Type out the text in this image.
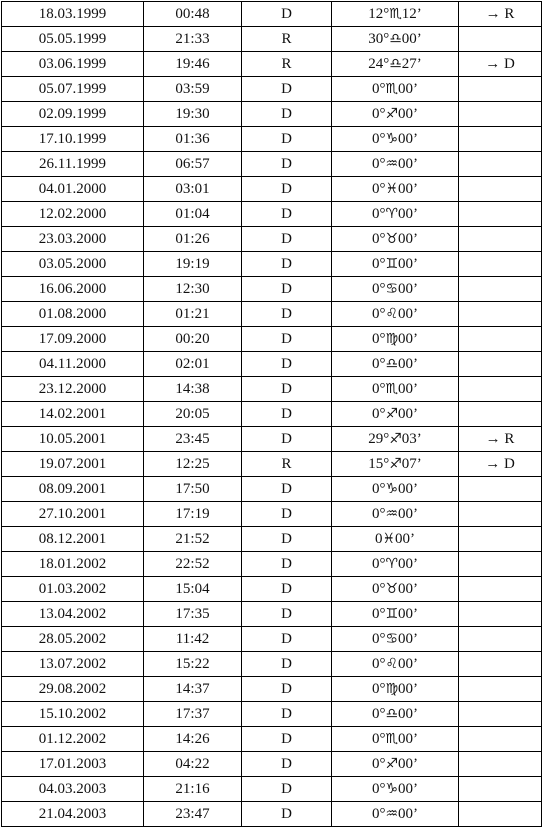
18.03.1999	00:48	D	12°♏12’	→ R
05.05.1999	21:33	R	30°♎00’	
03.06.1999	19:46	R	24°♎27’	→ D
05.07.1999	03:59	D	0°♏00’	
02.09.1999	19:30	D	0°♐00’	
17.10.1999	01:36	D	0°♑00’	
26.11.1999	06:57	D	0°♒00’	
04.01.2000	03:01	D	0°♓00’	
12.02.2000	01:04	D	0°♈00’	
23.03.2000	01:26	D	0°♉00’	
03.05.2000	19:19	D	0°♊00’	
16.06.2000	12:30	D	0°♋00’	
01.08.2000	01:21	D	0°♌00’	
17.09.2000	00:20	D	0°♍00’	
04.11.2000	02:01	D	0°♎00’	
23.12.2000	14:38	D	0°♏00’	
14.02.2001	20:05	D	0°♐00’	
10.05.2001	23:45	D	29°♐03’	→ R
19.07.2001	12:25	R	15°♐07’	→ D
08.09.2001	17:50	D	0°♑00’	
27.10.2001	17:19	D	0°♒00’	
08.12.2001	21:52	D	0♓00’	
18.01.2002	22:52	D	0°♈00’	
01.03.2002	15:04	D	0°♉00’	
13.04.2002	17:35	D	0°♊00’	
28.05.2002	11:42	D	0°♋00’	
13.07.2002	15:22	D	0°♌00’	
29.08.2002	14:37	D	0°♍00’	
15.10.2002	17:37	D	0°♎00’	
01.12.2002	14:26	D	0°♏00’	
17.01.2003	04:22	D	0°♐00’	
04.03.2003	21:16	D	0°♑00’	
21.04.2003	23:47	D	0°♒00’	
